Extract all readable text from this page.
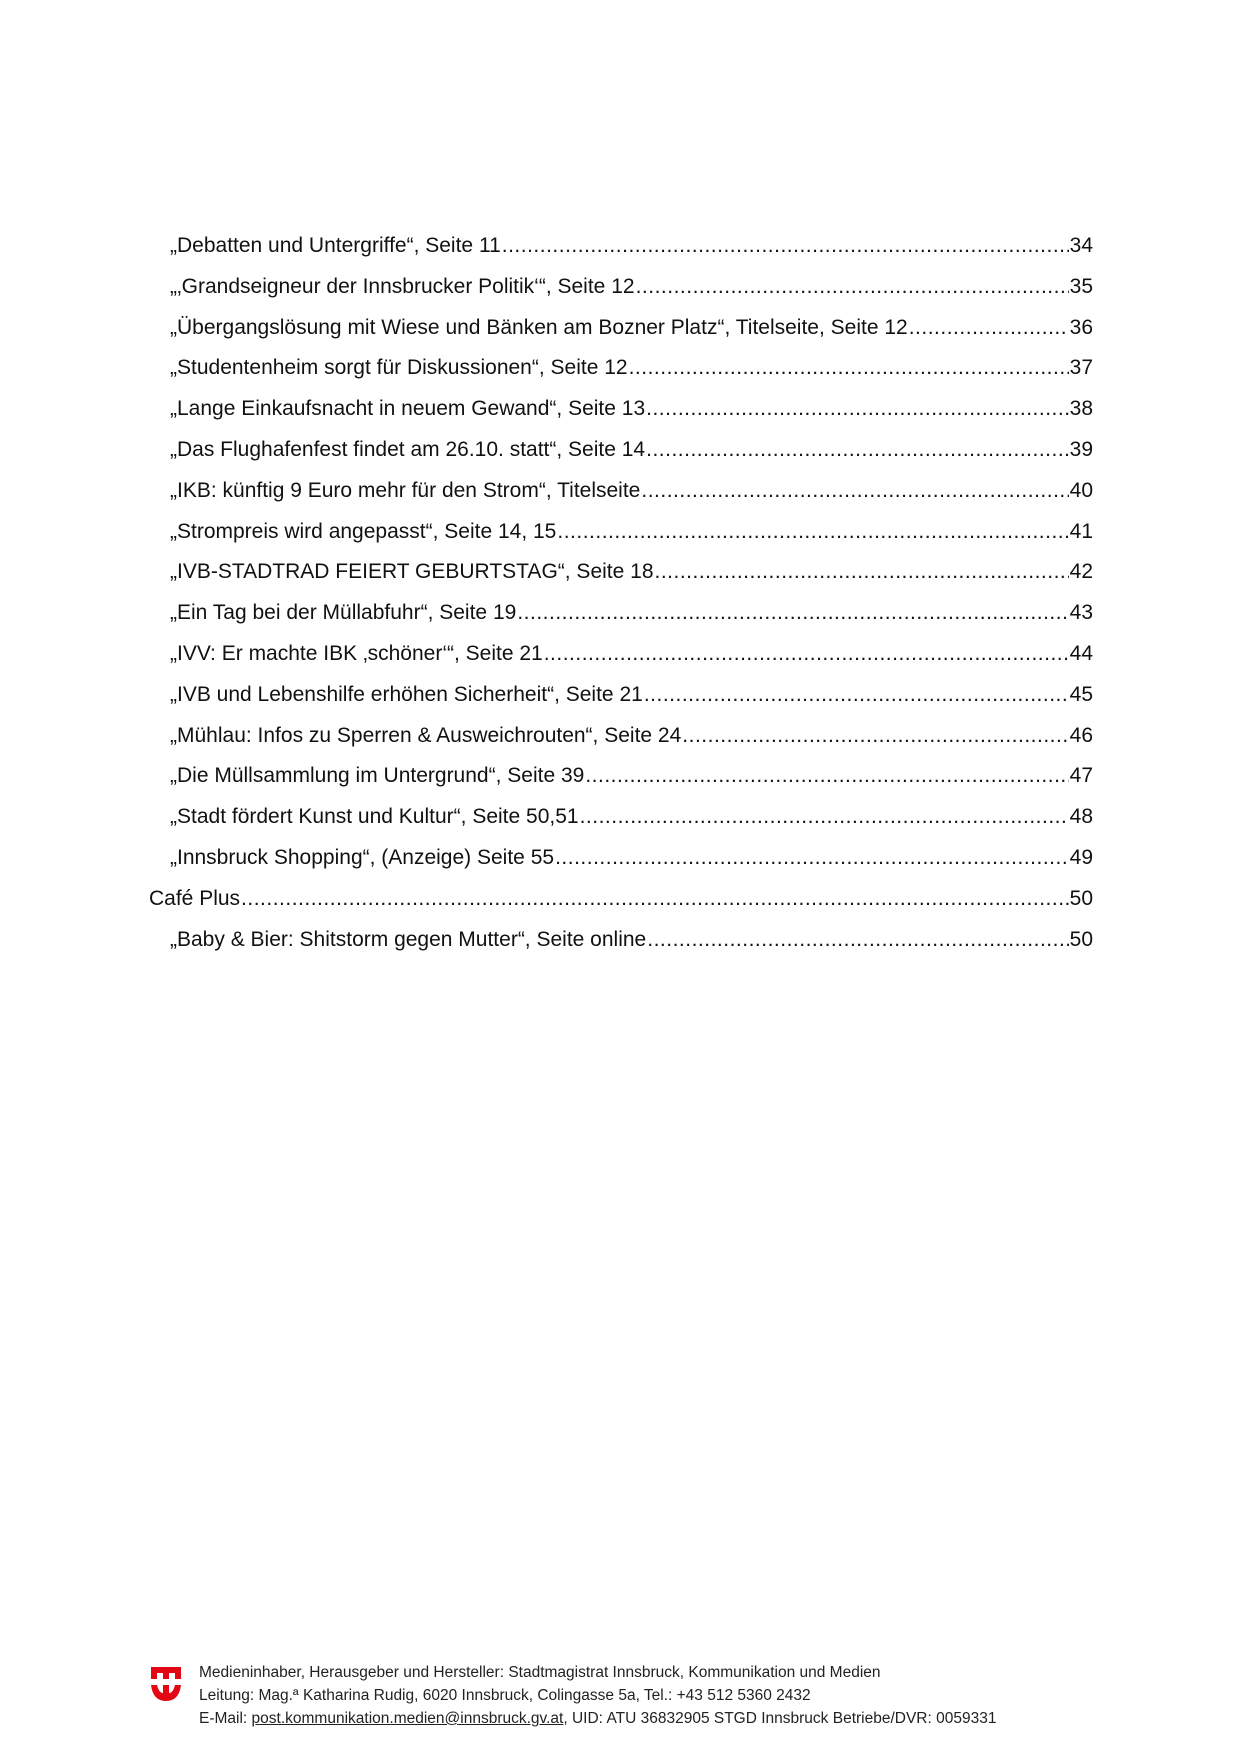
„Debatten und Untergriffe“, Seite 11 .....	34
„‚Grandseigneur der Innsbrucker Politik‘“, Seite 12 .....	35
„Übergangslösung mit Wiese und Bänken am Bozner Platz“, Titelseite, Seite 12 .....	36
„Studentenheim sorgt für Diskussionen“, Seite 12 .....	37
„Lange Einkaufsnacht in neuem Gewand“, Seite 13 .....	38
„Das Flughafenfest findet am 26.10. statt“, Seite 14 .....	39
„IKB: künftig 9 Euro mehr für den Strom“, Titelseite .....	40
„Strompreis wird angepasst“, Seite 14, 15 .....	41
„IVB-STADTRAD FEIERT GEBURTSTAG“, Seite 18 .....	42
„Ein Tag bei der Müllabfuhr“, Seite 19 .....	43
„IVV: Er machte IBK ‚schöner‘“, Seite 21 .....	44
„IVB und Lebenshilfe erhöhen Sicherheit“, Seite 21 .....	45
„Mühlau: Infos zu Sperren & Ausweichrouten“, Seite 24 .....	46
„Die Müllsammlung im Untergrund“, Seite 39 .....	47
„Stadt fördert Kunst und Kultur“, Seite 50,51 .....	48
„Innsbruck Shopping“, (Anzeige) Seite 55 .....	49
Café Plus .....	50
„Baby & Bier: Shitstorm gegen Mutter“, Seite online .....	50
Medieninhaber, Herausgeber und Hersteller: Stadtmagistrat Innsbruck, Kommunikation und Medien
Leitung: Mag.ª Katharina Rudig, 6020 Innsbruck, Colingasse 5a, Tel.: +43 512 5360 2432
E-Mail: post.kommunikation.medien@innsbruck.gv.at, UID: ATU 36832905 STGD Innsbruck Betriebe/DVR: 0059331
